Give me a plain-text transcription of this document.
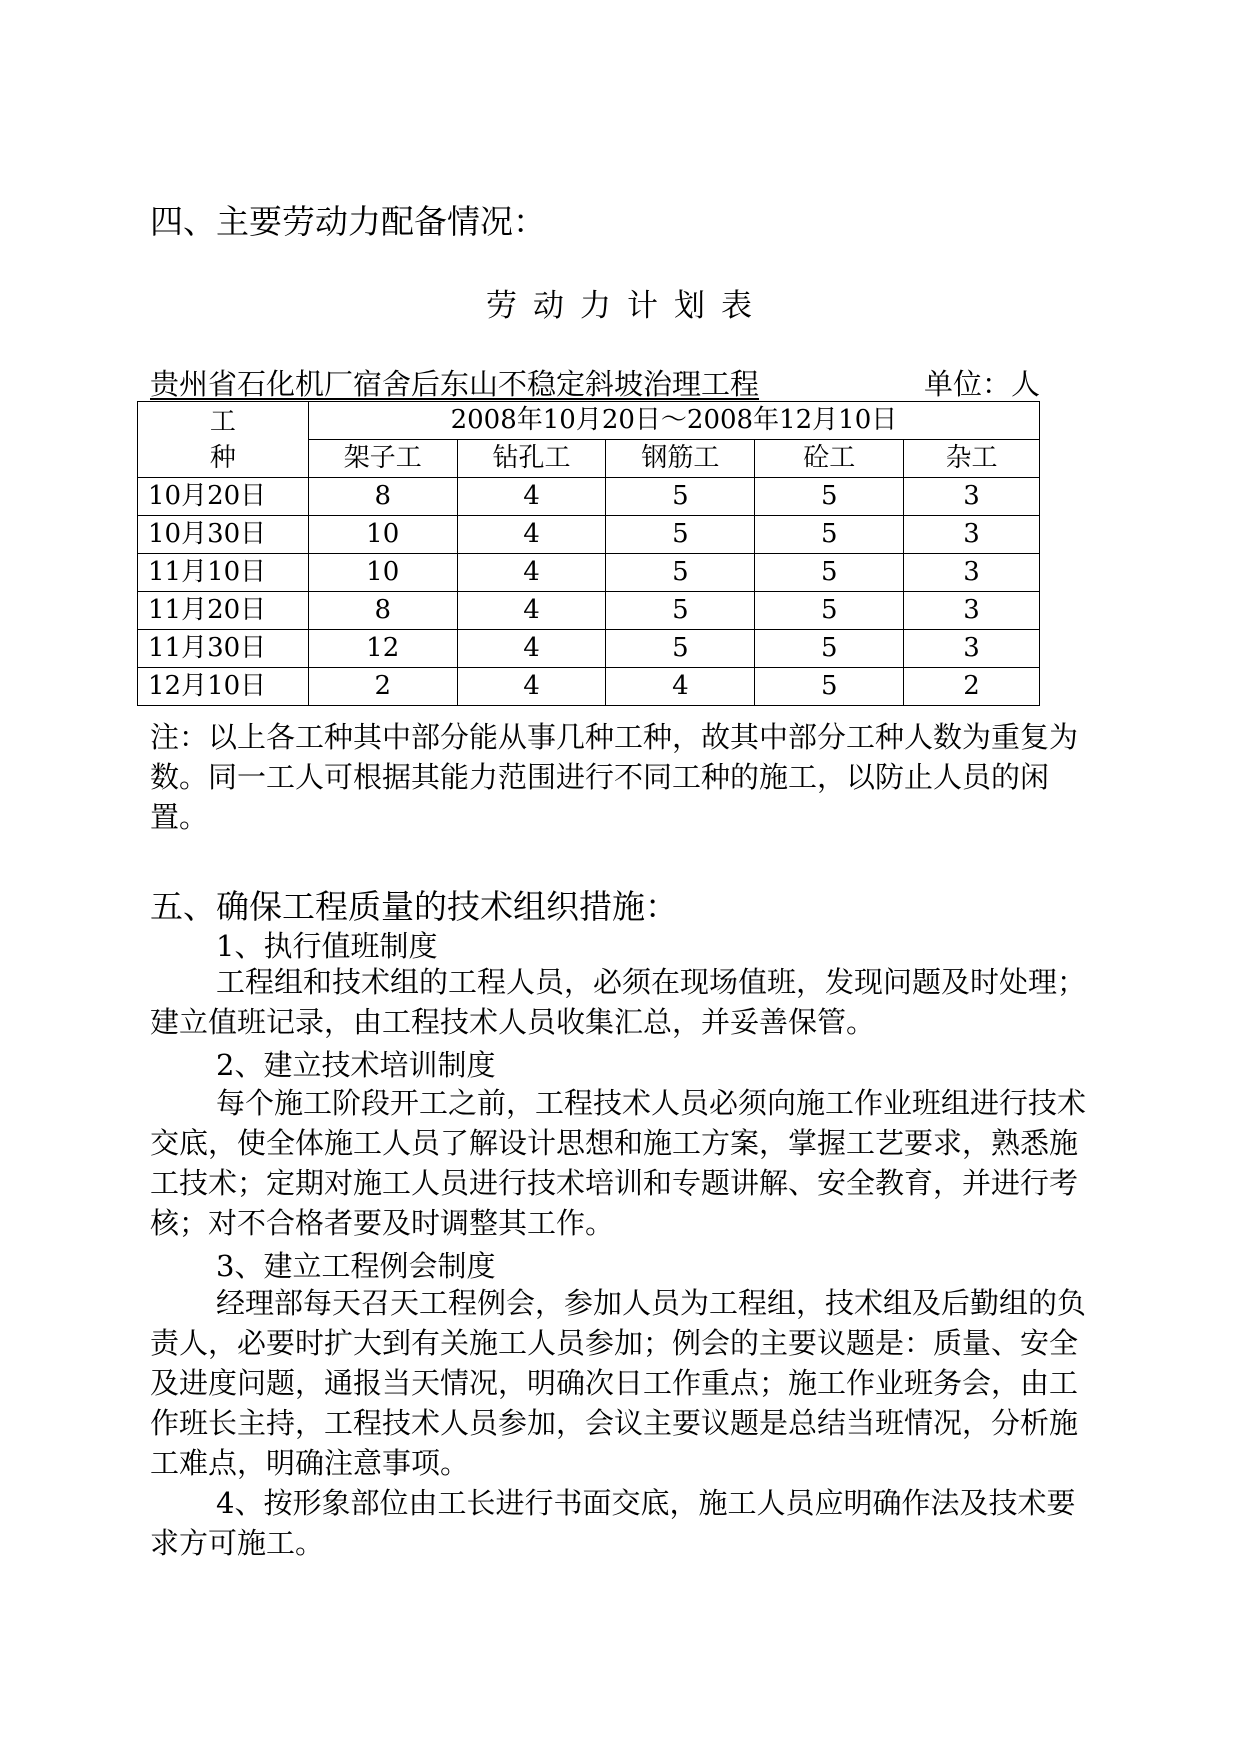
四、主要劳动力配备情况：
劳动力计划表
贵州省石化机厂宿舍后东山不稳定斜坡治理工程	单位：人
工
种	2008年10月20日～2008年12月10日				
	架子工	钻孔工	钢筋工	砼工	杂工
10月20日	8	4	5	5	3
10月30日	10	4	5	5	3
11月10日	10	4	5	5	3
11月20日	8	4	5	5	3
11月30日	12	4	5	5	3
12月10日	2	4	4	5	2
注：以上各工种其中部分能从事几种工种，故其中部分工种人数为重复为数。同一工人可根据其能力范围进行不同工种的施工，以防止人员的闲置。
五、确保工程质量的技术组织措施：
1、执行值班制度
工程组和技术组的工程人员，必须在现场值班，发现问题及时处理；建立值班记录，由工程技术人员收集汇总，并妥善保管。
2、建立技术培训制度
每个施工阶段开工之前，工程技术人员必须向施工作业班组进行技术交底，使全体施工人员了解设计思想和施工方案，掌握工艺要求，熟悉施工技术；定期对施工人员进行技术培训和专题讲解、安全教育，并进行考核；对不合格者要及时调整其工作。
3、建立工程例会制度
经理部每天召天工程例会，参加人员为工程组，技术组及后勤组的负责人，必要时扩大到有关施工人员参加；例会的主要议题是：质量、安全及进度问题，通报当天情况，明确次日工作重点；施工作业班务会，由工作班长主持，工程技术人员参加，会议主要议题是总结当班情况，分析施工难点，明确注意事项。
4、按形象部位由工长进行书面交底，施工人员应明确作法及技术要求方可施工。
